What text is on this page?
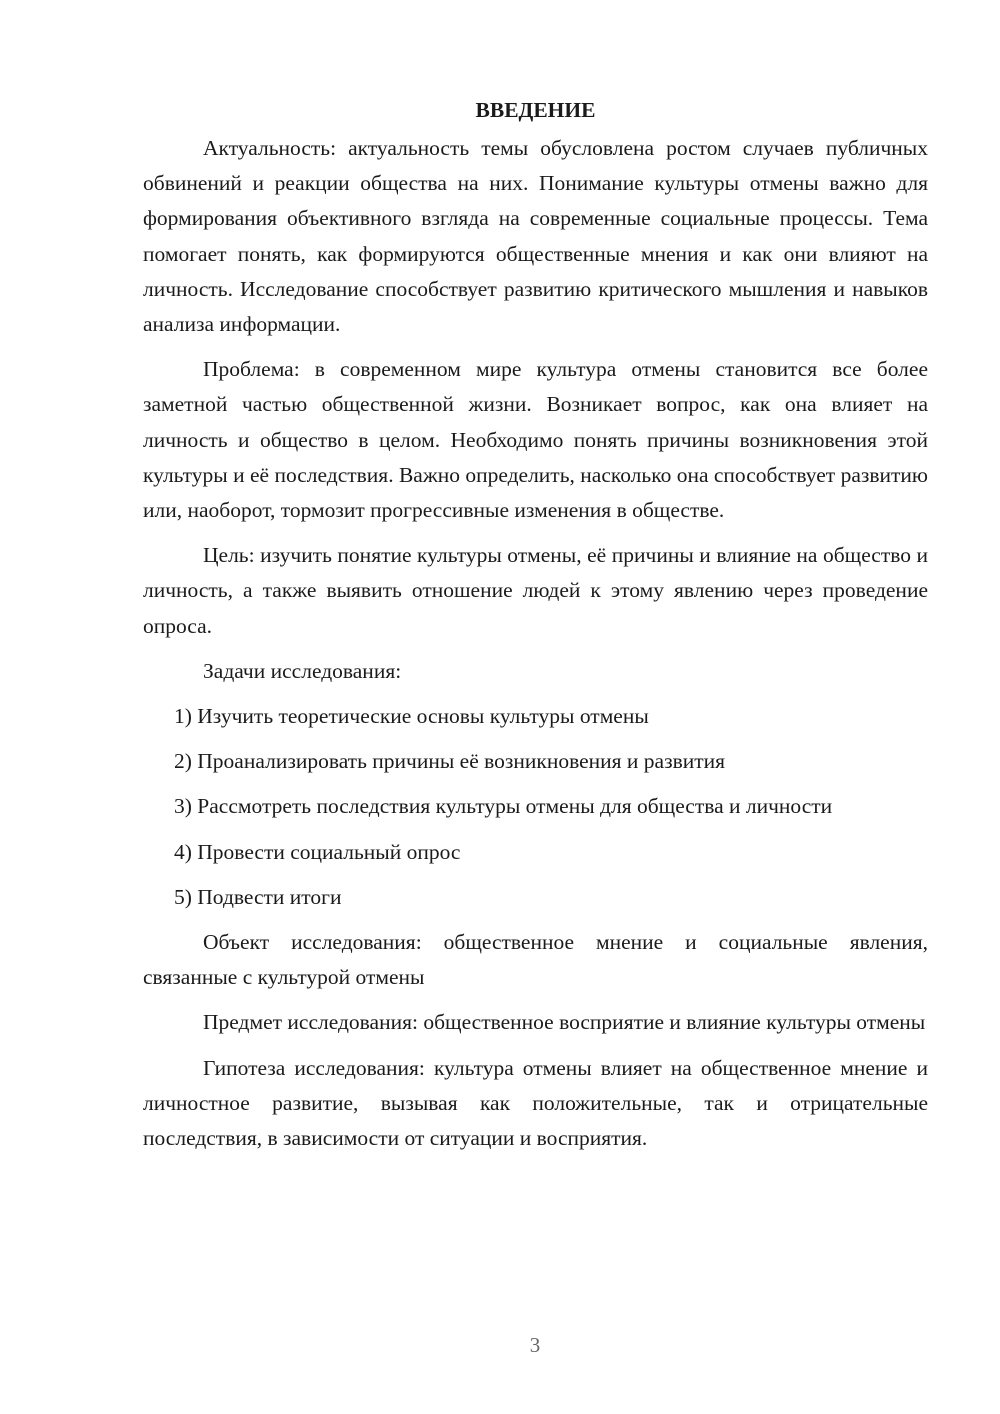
ВВЕДЕНИЕ

Актуальность: актуальность темы обусловлена ростом случаев публичных обвинений и реакции общества на них. Понимание культуры отмены важно для формирования объективного взгляда на современные социальные процессы. Тема помогает понять, как формируются общественные мнения и как они влияют на личность. Исследование способствует развитию критического мышления и навыков анализа информации.

Проблема: в современном мире культура отмены становится все более заметной частью общественной жизни. Возникает вопрос, как она влияет на личность и общество в целом. Необходимо понять причины возникновения этой культуры и её последствия. Важно определить, насколько она способствует развитию или, наоборот, тормозит прогрессивные изменения в обществе.

Цель: изучить понятие культуры отмены, её причины и влияние на общество и личность, а также выявить отношение людей к этому явлению через проведение опроса.

Задачи исследования:

1) Изучить теоретические основы культуры отмены

2) Проанализировать причины её возникновения и развития

3) Рассмотреть последствия культуры отмены для общества и личности

4) Провести социальный опрос

5) Подвести итоги

Объект исследования: общественное мнение и социальные явления, связанные с культурой отмены

Предмет исследования: общественное восприятие и влияние культуры отмены

Гипотеза исследования: культура отмены влияет на общественное мнение и личностное развитие, вызывая как положительные, так и отрицательные последствия, в зависимости от ситуации и восприятия.

3
